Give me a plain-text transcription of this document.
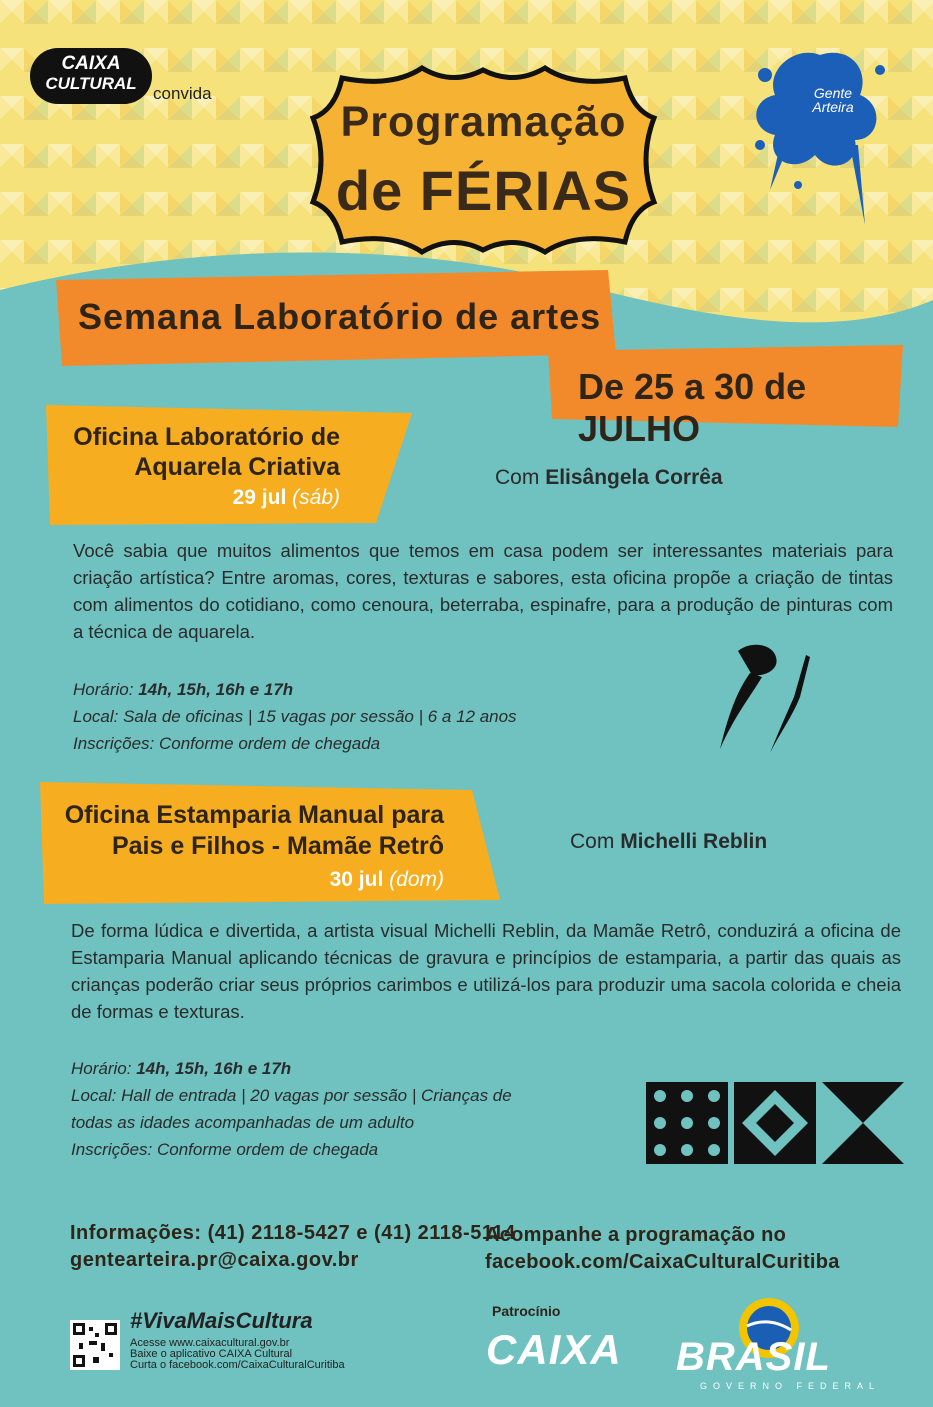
CAIXA
CULTURAL
convida
Programação
de FÉRIAS
Gente
Arteira
Semana Laboratório de artes
De 25 a 30 de JULHO
Oficina Laboratório de
Aquarela Criativa
29 jul (sáb)
Com Elisângela Corrêa
Você sabia que muitos alimentos que temos em casa podem ser interessantes materiais para criação artística? Entre aromas, cores, texturas e sabores, esta oficina propõe a criação de tintas com alimentos do cotidiano, como cenoura, beterraba, espinafre, para a produção de pinturas com a técnica de aquarela.
Horário: 14h, 15h, 16h e 17h
Local: Sala de oficinas | 15 vagas por sessão | 6 a 12 anos
Inscrições: Conforme ordem de chegada
Oficina Estamparia Manual para
Pais e Filhos - Mamãe Retrô
30 jul (dom)
Com Michelli Reblin
De forma lúdica e divertida, a artista visual Michelli Reblin, da Mamãe Retrô, conduzirá a oficina de Estamparia Manual aplicando técnicas de gravura e princípios de estamparia, a partir das quais as crianças poderão criar seus próprios carimbos e utilizá-los para produzir uma sacola colorida e cheia de formas e texturas.
Horário: 14h, 15h, 16h e 17h
Local: Hall de entrada | 20 vagas por sessão | Crianças de
todas as idades acompanhadas de um adulto
Inscrições: Conforme ordem de chegada
Informações: (41) 2118-5427 e (41) 2118-5114
gentearteira.pr@caixa.gov.br
Acompanhe a programação no
facebook.com/CaixaCulturalCuritiba
#VivaMaisCultura
Acesse www.caixacultural.gov.br
Baixe o aplicativo CAIXA Cultural
Curta o facebook.com/CaixaCulturalCuritiba
Patrocínio
CAIXA BRASIL
GOVERNO FEDERAL
